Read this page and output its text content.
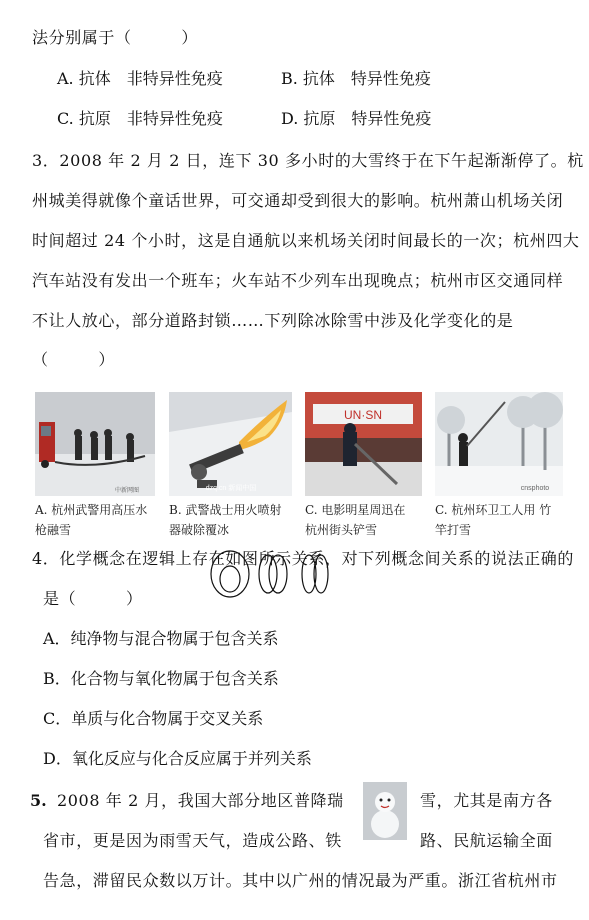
法分别属于（　　　）
A. 抗体　非特异性免疫	B. 抗体　特异性免疫
C. 抗原　非特异性免疫	D. 抗原　特异性免疫
3．2008 年 2 月 2 日，连下 30 多小时的大雪终于在下午起渐渐停了。杭
州城美得就像个童话世界，可交通却受到很大的影响。杭州萧山机场关闭
时间超过 24 个小时，这是自通航以来机场关闭时间最长的一次；杭州四大
汽车站没有发出一个班车；火车站不少列车出现晚点；杭州市区交通同样
不让人放心，部分道路封锁……下列除冰除雪中涉及化学变化的是
（　　　）
中新网图	dzq.cn 新闻中国
UN·SN
cnsphoto
A. 杭州武警用高压水
枪融雪
B. 武警战士用火喷射
器破除覆冰
C. 电影明星周迅在
杭州街头铲雪
C. 杭州环卫工人用 竹
竿打雪
4．化学概念在逻辑上存在如图所示关系，对下列概念间关系的说法正确的
是（　　　）
A．纯净物与混合物属于包含关系
B．化合物与氧化物属于包含关系
C．单质与化合物属于交叉关系
D．氧化反应与化合反应属于并列关系
5. 2008 年 2 月，我国大部分地区普降瑞	雪，尤其是南方各
省市，更是因为雨雪天气，造成公路、铁	路、民航运输全面
告急，滞留民众数以万计。其中以广州的情况最为严重。浙江省杭州市
